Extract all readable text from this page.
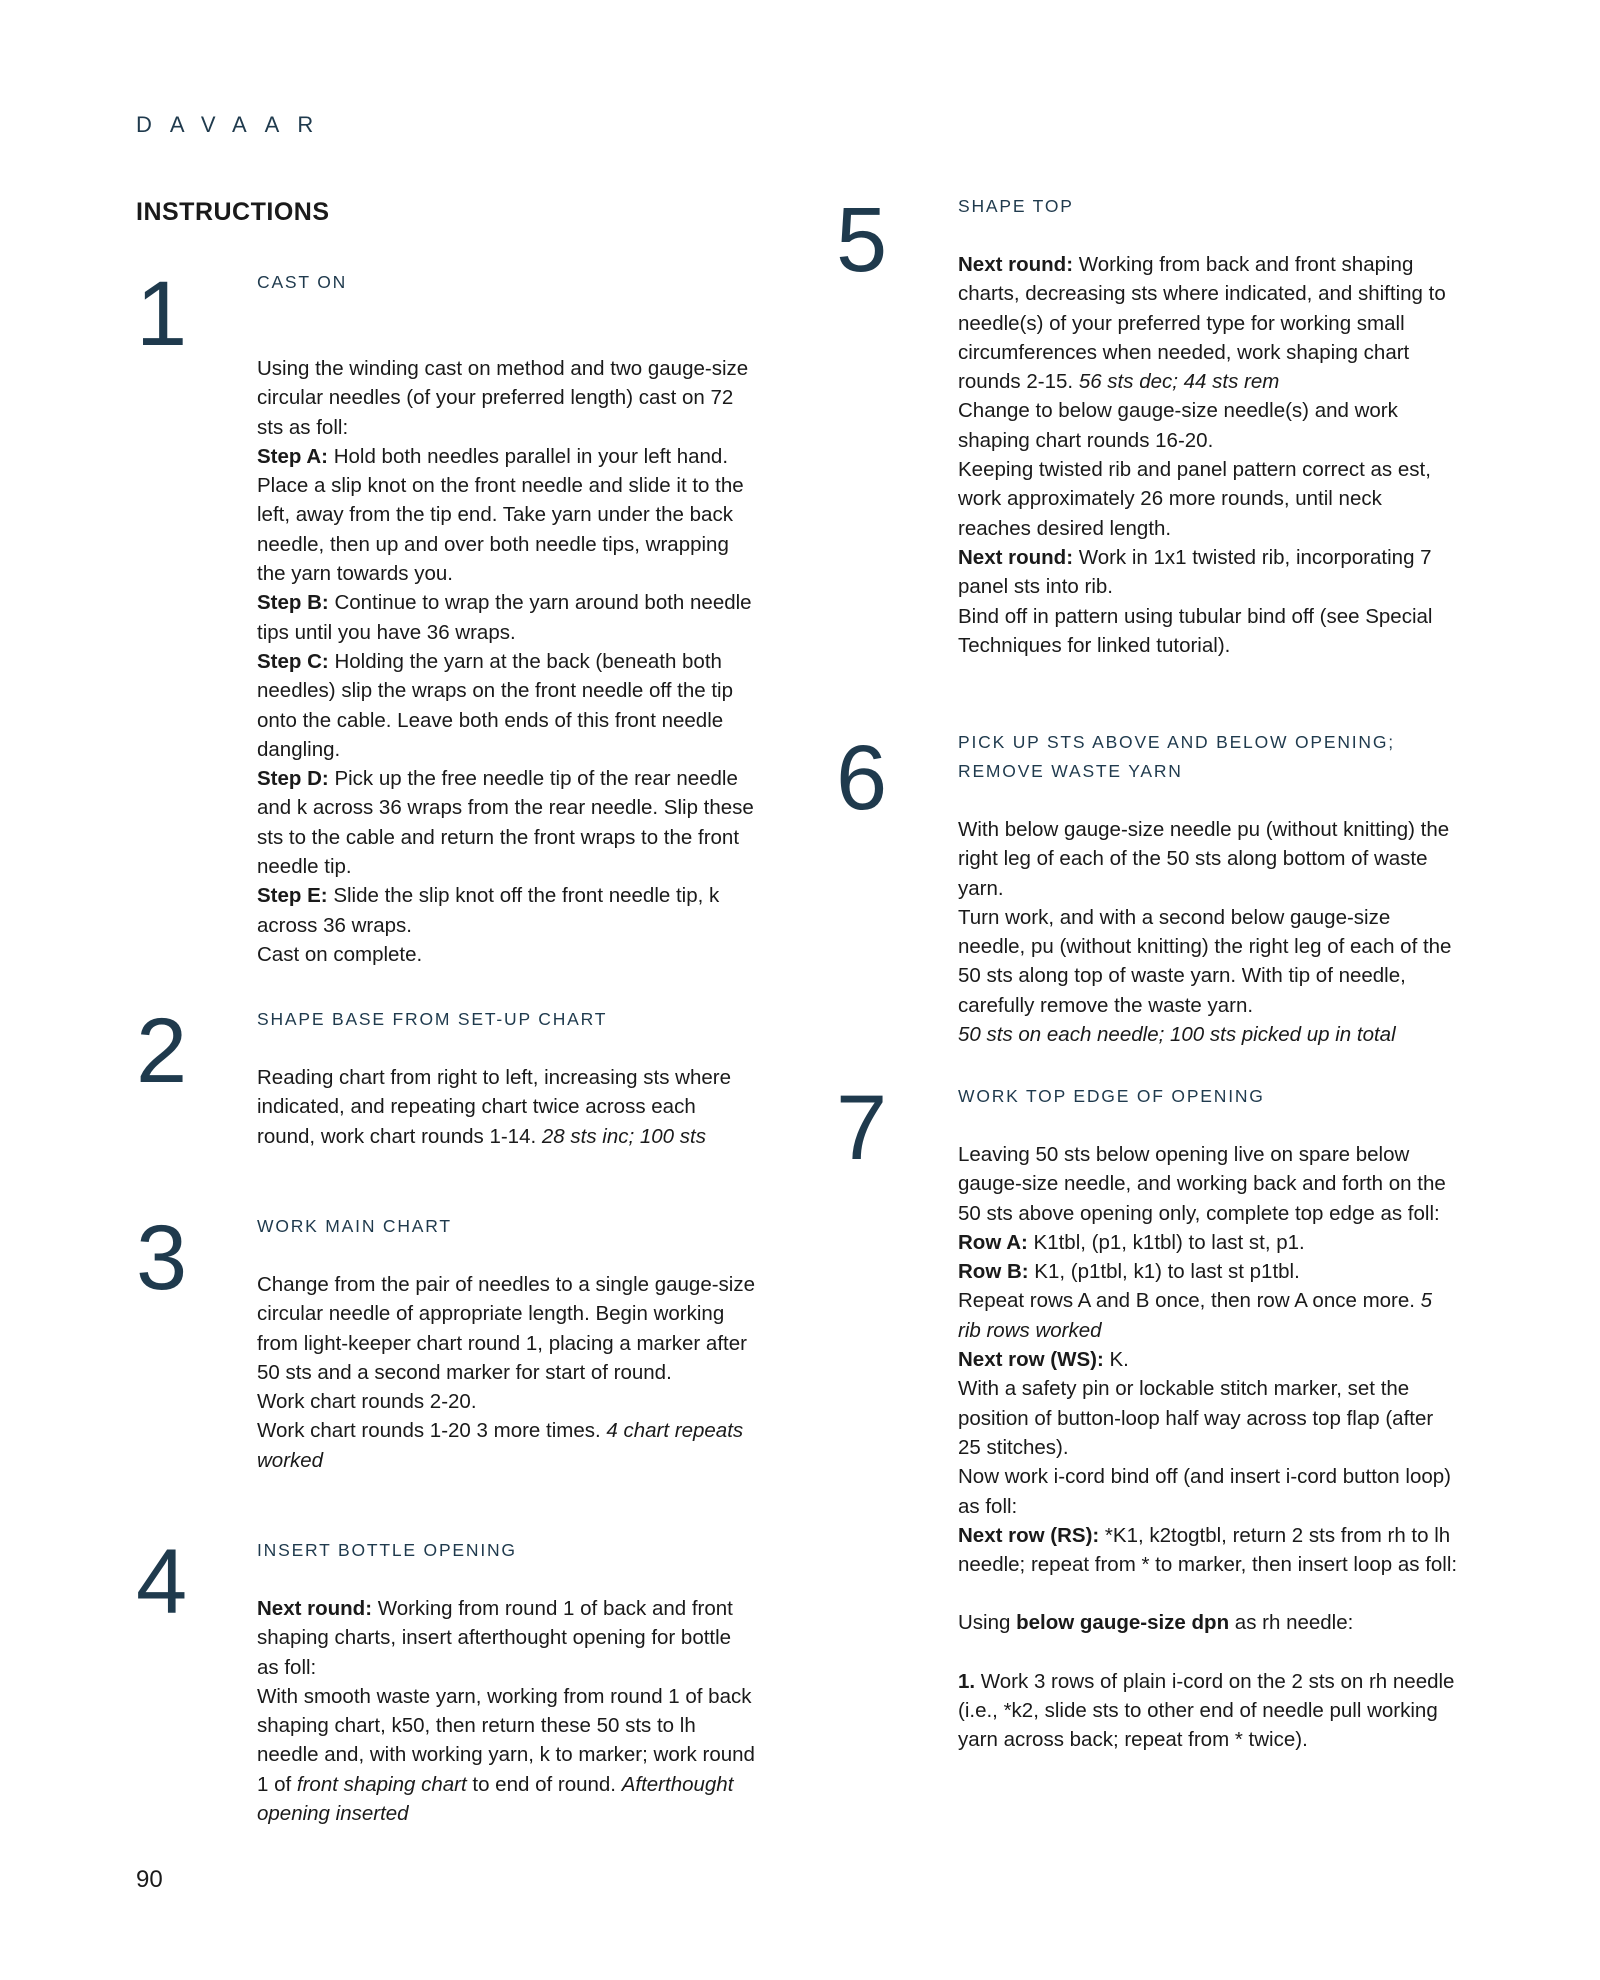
DAVAAR
INSTRUCTIONS
1	CAST ON

Using the winding cast on method and two gauge-size circular needles (of your preferred length) cast on 72 sts as foll:

Step A: Hold both needles parallel in your left hand. Place a slip knot on the front needle and slide it to the left, away from the tip end. Take yarn under the back needle, then up and over both needle tips, wrapping the yarn towards you.

Step B: Continue to wrap the yarn around both needle tips until you have 36 wraps.

Step C: Holding the yarn at the back (beneath both needles) slip the wraps on the front needle off the tip onto the cable. Leave both ends of this front needle dangling.

Step D: Pick up the free needle tip of the rear needle and k across 36 wraps from the rear needle. Slip these sts to the cable and return the front wraps to the front needle tip.

Step E: Slide the slip knot off the front needle tip, k across 36 wraps.

Cast on complete.

2	SHAPE BASE FROM SET-UP CHART

Reading chart from right to left, increasing sts where indicated, and repeating chart twice across each round, work chart rounds 1-14. 28 sts inc; 100 sts

3	WORK MAIN CHART

Change from the pair of needles to a single gauge-size circular needle of appropriate length. Begin working from light-keeper chart round 1, placing a marker after 50 sts and a second marker for start of round.

Work chart rounds 2-20.

Work chart rounds 1-20 3 more times. 4 chart repeats worked

4	INSERT BOTTLE OPENING

Next round: Working from round 1 of back and front shaping charts, insert afterthought opening for bottle as foll:

With smooth waste yarn, working from round 1 of back shaping chart, k50, then return these 50 sts to lh needle and, with working yarn, k to marker; work round 1 of front shaping chart to end of round. Afterthought opening inserted

5	SHAPE TOP

Next round: Working from back and front shaping charts, decreasing sts where indicated, and shifting to needle(s) of your preferred type for working small circumferences when needed, work shaping chart rounds 2-15. 56 sts dec; 44 sts rem

Change to below gauge-size needle(s) and work shaping chart rounds 16-20.

Keeping twisted rib and panel pattern correct as est, work approximately 26 more rounds, until neck reaches desired length.

Next round: Work in 1x1 twisted rib, incorporating 7 panel sts into rib.

Bind off in pattern using tubular bind off (see Special Techniques for linked tutorial).

6	PICK UP STS ABOVE AND BELOW OPENING;
REMOVE WASTE YARN

With below gauge-size needle pu (without knitting) the right leg of each of the 50 sts along bottom of waste yarn.

Turn work, and with a second below gauge-size needle, pu (without knitting) the right leg of each of the 50 sts along top of waste yarn. With tip of needle, carefully remove the waste yarn.

50 sts on each needle; 100 sts picked up in total

7	WORK TOP EDGE OF OPENING

Leaving 50 sts below opening live on spare below gauge-size needle, and working back and forth on the 50 sts above opening only, complete top edge as foll:

Row A: K1tbl, (p1, k1tbl) to last st, p1.

Row B: K1, (p1tbl, k1) to last st p1tbl.

Repeat rows A and B once, then row A once more. 5 rib rows worked

Next row (WS): K.

With a safety pin or lockable stitch marker, set the position of button-loop half way across top flap (after 25 stitches).

Now work i-cord bind off (and insert i-cord button loop) as foll:

Next row (RS): *K1, k2togtbl, return 2 sts from rh to lh needle; repeat from * to marker, then insert loop as foll:

Using below gauge-size dpn as rh needle:

1. Work 3 rows of plain i-cord on the 2 sts on rh needle (i.e., *k2, slide sts to other end of needle pull working yarn across back; repeat from * twice).

90
